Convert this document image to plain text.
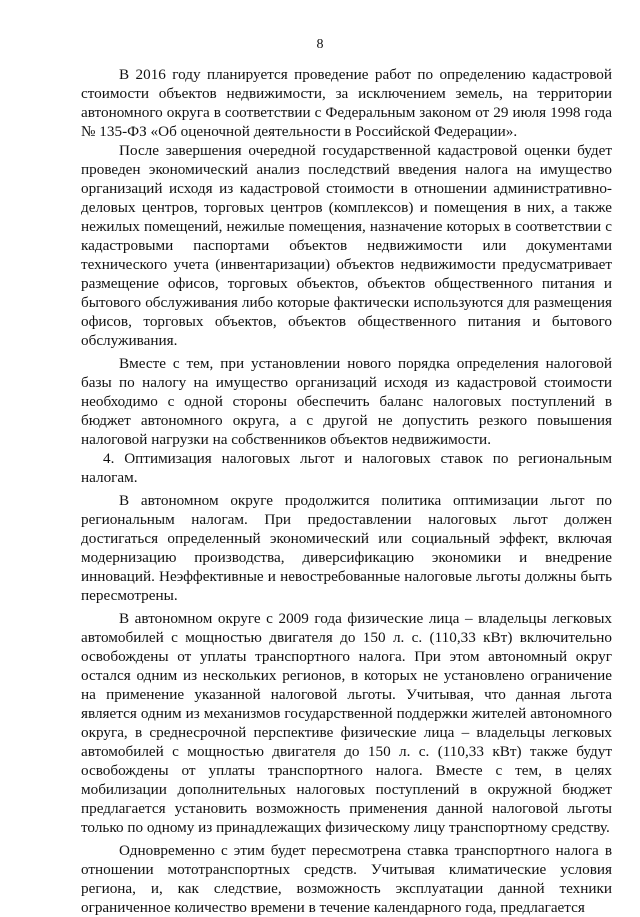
8

В 2016 году планируется проведение работ по определению кадастровой стоимости объектов недвижимости, за исключением земель, на территории автономного округа в соответствии с Федеральным законом от 29 июля 1998 года № 135-ФЗ «Об оценочной деятельности в Российской Федерации».

После завершения очередной государственной кадастровой оценки будет проведен экономический анализ последствий введения налога на имущество организаций исходя из кадастровой стоимости в отношении административно-деловых центров, торговых центров (комплексов) и помещения в них, а также нежилых помещений, нежилые помещения, назначение которых в соответствии с кадастровыми паспортами объектов недвижимости или документами технического учета (инвентаризации) объектов недвижимости предусматривает размещение офисов, торговых объектов, объектов общественного питания и бытового обслуживания либо которые фактически используются для размещения офисов, торговых объектов, объектов общественного питания и бытового обслуживания.

Вместе с тем, при установлении нового порядка определения налоговой базы по налогу на имущество организаций исходя из кадастровой стоимости необходимо с одной стороны обеспечить баланс налоговых поступлений в бюджет автономного округа, а с другой не допустить резкого повышения налоговой нагрузки на собственников объектов недвижимости.

4. Оптимизация налоговых льгот и налоговых ставок по региональным налогам.

В автономном округе продолжится политика оптимизации льгот по региональным налогам. При предоставлении налоговых льгот должен достигаться определенный экономический или социальный эффект, включая модернизацию производства, диверсификацию экономики и внедрение инноваций. Неэффективные и невостребованные налоговые льготы должны быть пересмотрены.

В автономном округе с 2009 года физические лица – владельцы легковых автомобилей с мощностью двигателя до 150 л. с. (110,33 кВт) включительно освобождены от уплаты транспортного налога. При этом автономный округ остался одним из нескольких регионов, в которых не установлено ограничение на применение указанной налоговой льготы. Учитывая, что данная льгота является одним из механизмов государственной поддержки жителей автономного округа, в среднесрочной перспективе физические лица – владельцы легковых автомобилей с мощностью двигателя до 150 л. с. (110,33 кВт) также будут освобождены от уплаты транспортного налога. Вместе с тем, в целях мобилизации дополнительных налоговых поступлений в окружной бюджет предлагается установить возможность применения данной налоговой льготы только по одному из принадлежащих физическому лицу транспортному средству.

Одновременно с этим будет пересмотрена ставка транспортного налога в отношении мототранспортных средств. Учитывая климатические условия региона, и, как следствие, возможность эксплуатации данной техники ограниченное количество времени в течение календарного года, предлагается
